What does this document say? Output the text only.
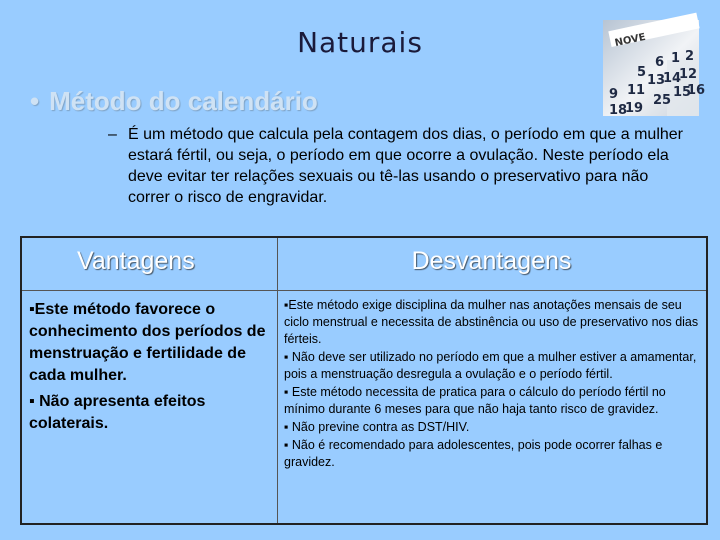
Naturais	NOVE
6 1 2
13
14
9 11
5
18
19
12
15
16
25
• Método do calendário
– É um método que calcula pela contagem dos dias, o período em que a mulher estará fértil, ou seja, o período em que ocorre a ovulação. Neste período ela deve evitar ter relações sexuais ou tê-las usando o preservativo para não correr o risco de engravidar.
Vantagens	Desvantagens

▪Este método favorece o conhecimento dos períodos de menstruação e fertilidade de cada mulher.

▪ Não apresenta efeitos colaterais.

▪Este método exige disciplina da mulher nas anotações mensais de seu ciclo menstrual e necessita de abstinência ou uso de preservativo nos dias férteis.

▪ Não deve ser utilizado no período em que a mulher estiver a amamentar, pois a menstruação desregula a ovulação e o período fértil.

▪ Este método necessita de pratica para o cálculo do período fértil no mínimo durante 6 meses para que não haja tanto risco de gravidez.

▪ Não previne contra as DST/HIV.

▪ Não é recomendado para adolescentes, pois pode ocorrer falhas e gravidez.
